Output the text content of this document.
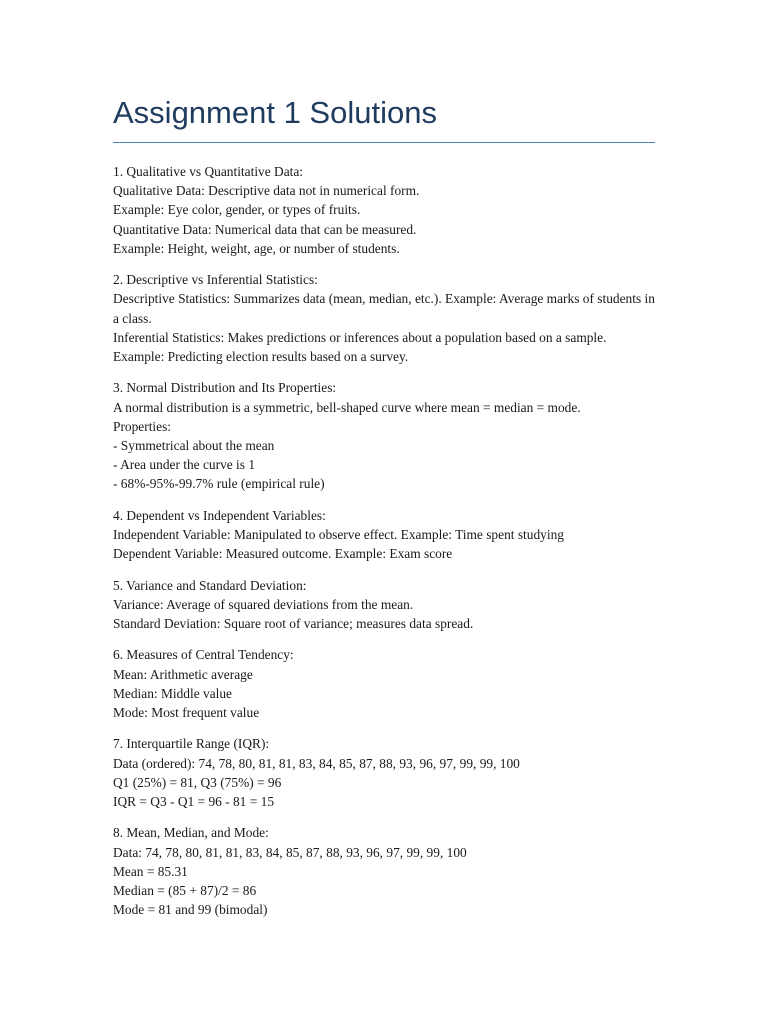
Assignment 1 Solutions
1. Qualitative vs Quantitative Data:
Qualitative Data: Descriptive data not in numerical form.
Example: Eye color, gender, or types of fruits.
Quantitative Data: Numerical data that can be measured.
Example: Height, weight, age, or number of students.
2. Descriptive vs Inferential Statistics:
Descriptive Statistics: Summarizes data (mean, median, etc.). Example: Average marks of students in a class.
Inferential Statistics: Makes predictions or inferences about a population based on a sample.
Example: Predicting election results based on a survey.
3. Normal Distribution and Its Properties:
A normal distribution is a symmetric, bell-shaped curve where mean = median = mode.
Properties:
- Symmetrical about the mean
- Area under the curve is 1
- 68%-95%-99.7% rule (empirical rule)
4. Dependent vs Independent Variables:
Independent Variable: Manipulated to observe effect. Example: Time spent studying
Dependent Variable: Measured outcome. Example: Exam score
5. Variance and Standard Deviation:
Variance: Average of squared deviations from the mean.
Standard Deviation: Square root of variance; measures data spread.
6. Measures of Central Tendency:
Mean: Arithmetic average
Median: Middle value
Mode: Most frequent value
7. Interquartile Range (IQR):
Data (ordered): 74, 78, 80, 81, 81, 83, 84, 85, 87, 88, 93, 96, 97, 99, 99, 100
Q1 (25%) = 81, Q3 (75%) = 96
IQR = Q3 - Q1 = 96 - 81 = 15
8. Mean, Median, and Mode:
Data: 74, 78, 80, 81, 81, 83, 84, 85, 87, 88, 93, 96, 97, 99, 99, 100
Mean = 85.31
Median = (85 + 87)/2 = 86
Mode = 81 and 99 (bimodal)
